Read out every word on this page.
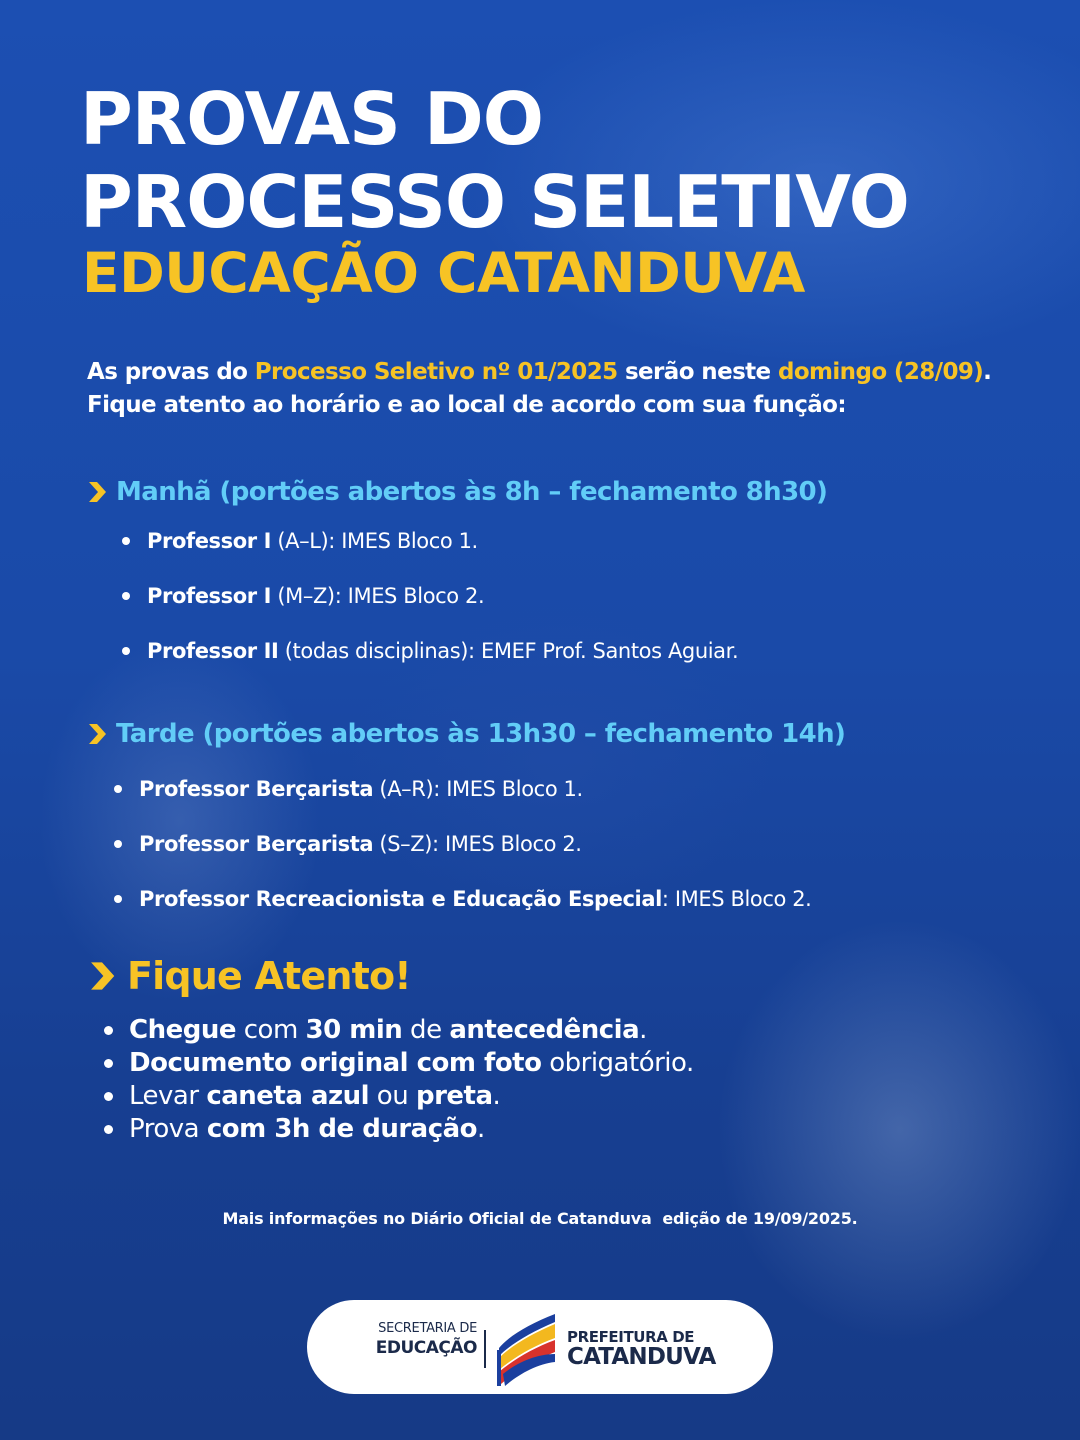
PROVAS DO
PROCESSO SELETIVO
EDUCAÇÃO CATANDUVA
As provas do Processo Seletivo nº 01/2025 serão neste domingo (28/09).
Fique atento ao horário e ao local de acordo com sua função:
Manhã (portões abertos às 8h – fechamento 8h30)
Professor I (A–L): IMES Bloco 1.
Professor I (M–Z): IMES Bloco 2.
Professor II (todas disciplinas): EMEF Prof. Santos Aguiar.
Tarde (portões abertos às 13h30 – fechamento 14h)
Professor Berçarista (A–R): IMES Bloco 1.
Professor Berçarista (S–Z): IMES Bloco 2.
Professor Recreacionista e Educação Especial: IMES Bloco 2.
Fique Atento!
Chegue com 30 min de antecedência.
Documento original com foto obrigatório.
Levar caneta azul ou preta.
Prova com 3h de duração.
Mais informações no Diário Oficial de Catanduva  edição de 19/09/2025.
SECRETARIA DE
EDUCAÇÃO
PREFEITURA DE
CATANDUVA
